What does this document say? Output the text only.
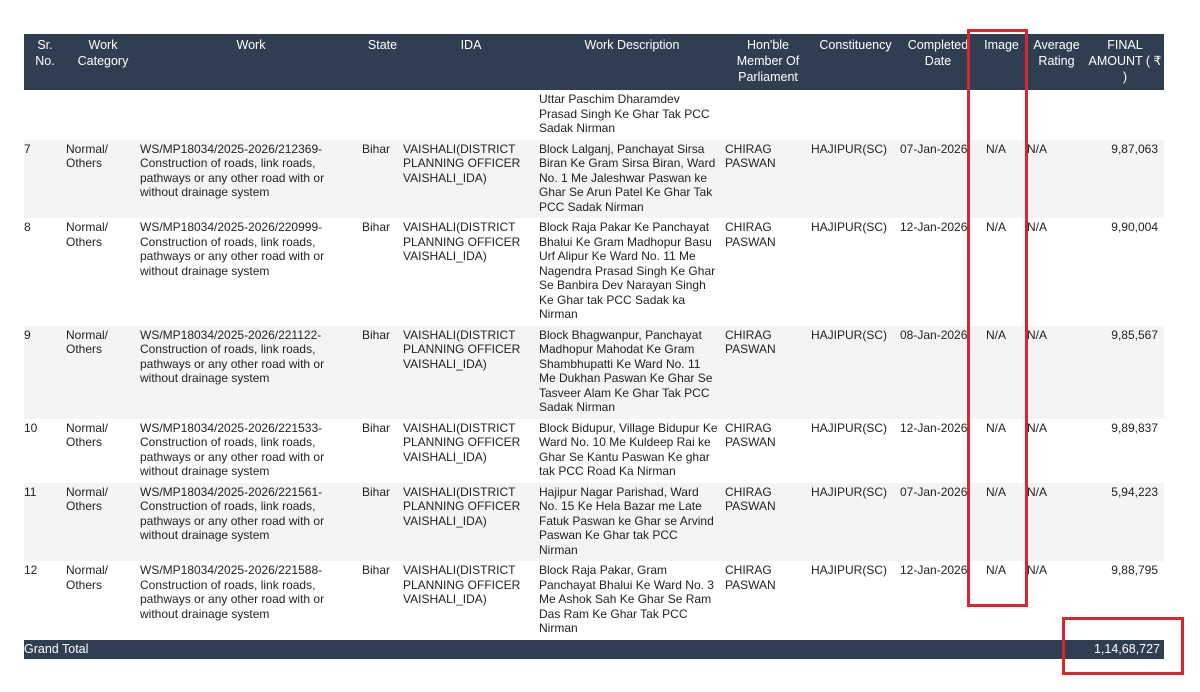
Sr. No.	Work Category	Work	State	IDA	Work Description	Hon'ble Member Of Parliament	Constituency	Completed Date	Image	Average Rating	FINAL AMOUNT ( ₹ )
					Uttar Paschim Dharamdev Prasad Singh Ke Ghar Tak PCC Sadak Nirman						
7	Normal/ Others	WS/MP18034/2025-2026/212369-Construction of roads, link roads, pathways or any other road with or without drainage system	Bihar	VAISHALI(DISTRICT PLANNING OFFICER VAISHALI_IDA)	Block Lalganj, Panchayat Sirsa Biran Ke Gram Sirsa Biran, Ward No. 1 Me Jaleshwar Paswan ke Ghar Se Arun Patel Ke Ghar Tak PCC Sadak Nirman	CHIRAG PASWAN	HAJIPUR(SC)	07-Jan-2026	N/A	N/A	9,87,063
8	Normal/ Others	WS/MP18034/2025-2026/220999-Construction of roads, link roads, pathways or any other road with or without drainage system	Bihar	VAISHALI(DISTRICT PLANNING OFFICER VAISHALI_IDA)	Block Raja Pakar Ke Panchayat Bhalui Ke Gram Madhopur Basu Urf Alipur Ke Ward No. 11 Me Nagendra Prasad Singh Ke Ghar Se Banbira Dev Narayan Singh Ke Ghar tak PCC Sadak ka Nirman	CHIRAG PASWAN	HAJIPUR(SC)	12-Jan-2026	N/A	N/A	9,90,004
9	Normal/ Others	WS/MP18034/2025-2026/221122-Construction of roads, link roads, pathways or any other road with or without drainage system	Bihar	VAISHALI(DISTRICT PLANNING OFFICER VAISHALI_IDA)	Block Bhagwanpur, Panchayat Madhopur Mahodat Ke Gram Shambhupatti Ke Ward No. 11 Me Dukhan Paswan Ke Ghar Se Tasveer Alam Ke Ghar Tak PCC Sadak Nirman	CHIRAG PASWAN	HAJIPUR(SC)	08-Jan-2026	N/A	N/A	9,85,567
10	Normal/ Others	WS/MP18034/2025-2026/221533-Construction of roads, link roads, pathways or any other road with or without drainage system	Bihar	VAISHALI(DISTRICT PLANNING OFFICER VAISHALI_IDA)	Block Bidupur, Village Bidupur Ke Ward No. 10 Me Kuldeep Rai ke Ghar Se Kantu Paswan Ke ghar tak PCC Road Ka Nirman	CHIRAG PASWAN	HAJIPUR(SC)	12-Jan-2026	N/A	N/A	9,89,837
11	Normal/ Others	WS/MP18034/2025-2026/221561-Construction of roads, link roads, pathways or any other road with or without drainage system	Bihar	VAISHALI(DISTRICT PLANNING OFFICER VAISHALI_IDA)	Hajipur Nagar Parishad, Ward No. 15 Ke Hela Bazar me Late Fatuk Paswan ke Ghar se Arvind Paswan Ke Ghar tak PCC Nirman	CHIRAG PASWAN	HAJIPUR(SC)	07-Jan-2026	N/A	N/A	5,94,223
12	Normal/ Others	WS/MP18034/2025-2026/221588-Construction of roads, link roads, pathways or any other road with or without drainage system	Bihar	VAISHALI(DISTRICT PLANNING OFFICER VAISHALI_IDA)	Block Raja Pakar, Gram Panchayat Bhalui Ke Ward No. 3 Me Ashok Sah Ke Ghar Se Ram Das Ram Ke Ghar Tak PCC Nirman	CHIRAG PASWAN	HAJIPUR(SC)	12-Jan-2026	N/A	N/A	9,88,795
Grand Total											1,14,68,727
